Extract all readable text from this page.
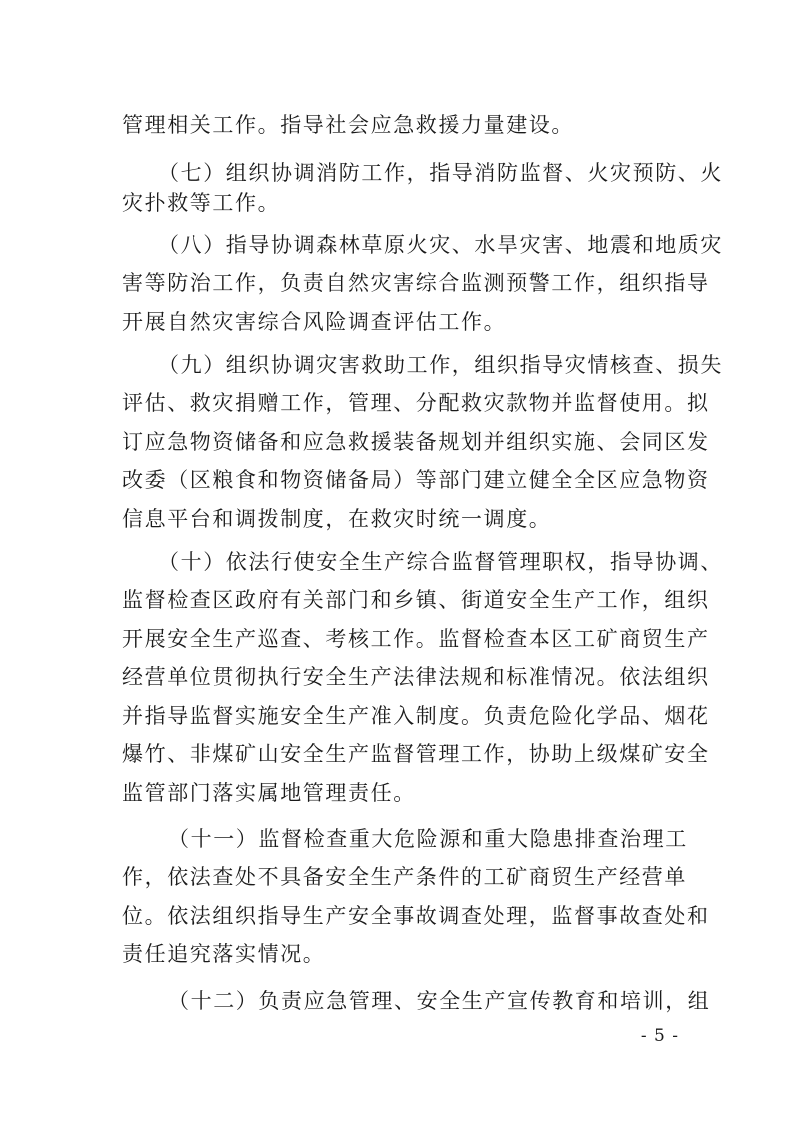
管理相关工作。指导社会应急救援力量建设。
（七）组织协调消防工作，指导消防监督、火灾预防、火
灾扑救等工作。
（八）指导协调森林草原火灾、水旱灾害、地震和地质灾
害等防治工作，负责自然灾害综合监测预警工作，组织指导
开展自然灾害综合风险调查评估工作。
（九）组织协调灾害救助工作，组织指导灾情核查、损失
评估、救灾捐赠工作，管理、分配救灾款物并监督使用。拟
订应急物资储备和应急救援装备规划并组织实施、会同区发
改委（区粮食和物资储备局）等部门建立健全全区应急物资
信息平台和调拨制度，在救灾时统一调度。
（十）依法行使安全生产综合监督管理职权，指导协调、
监督检查区政府有关部门和乡镇、街道安全生产工作，组织
开展安全生产巡查、考核工作。监督检查本区工矿商贸生产
经营单位贯彻执行安全生产法律法规和标准情况。依法组织
并指导监督实施安全生产准入制度。负责危险化学品、烟花
爆竹、非煤矿山安全生产监督管理工作，协助上级煤矿安全
监管部门落实属地管理责任。
（十一）监督检查重大危险源和重大隐患排查治理工
作，依法查处不具备安全生产条件的工矿商贸生产经营单
位。依法组织指导生产安全事故调查处理，监督事故查处和
责任追究落实情况。
（十二）负责应急管理、安全生产宣传教育和培训，组
- 5 -
